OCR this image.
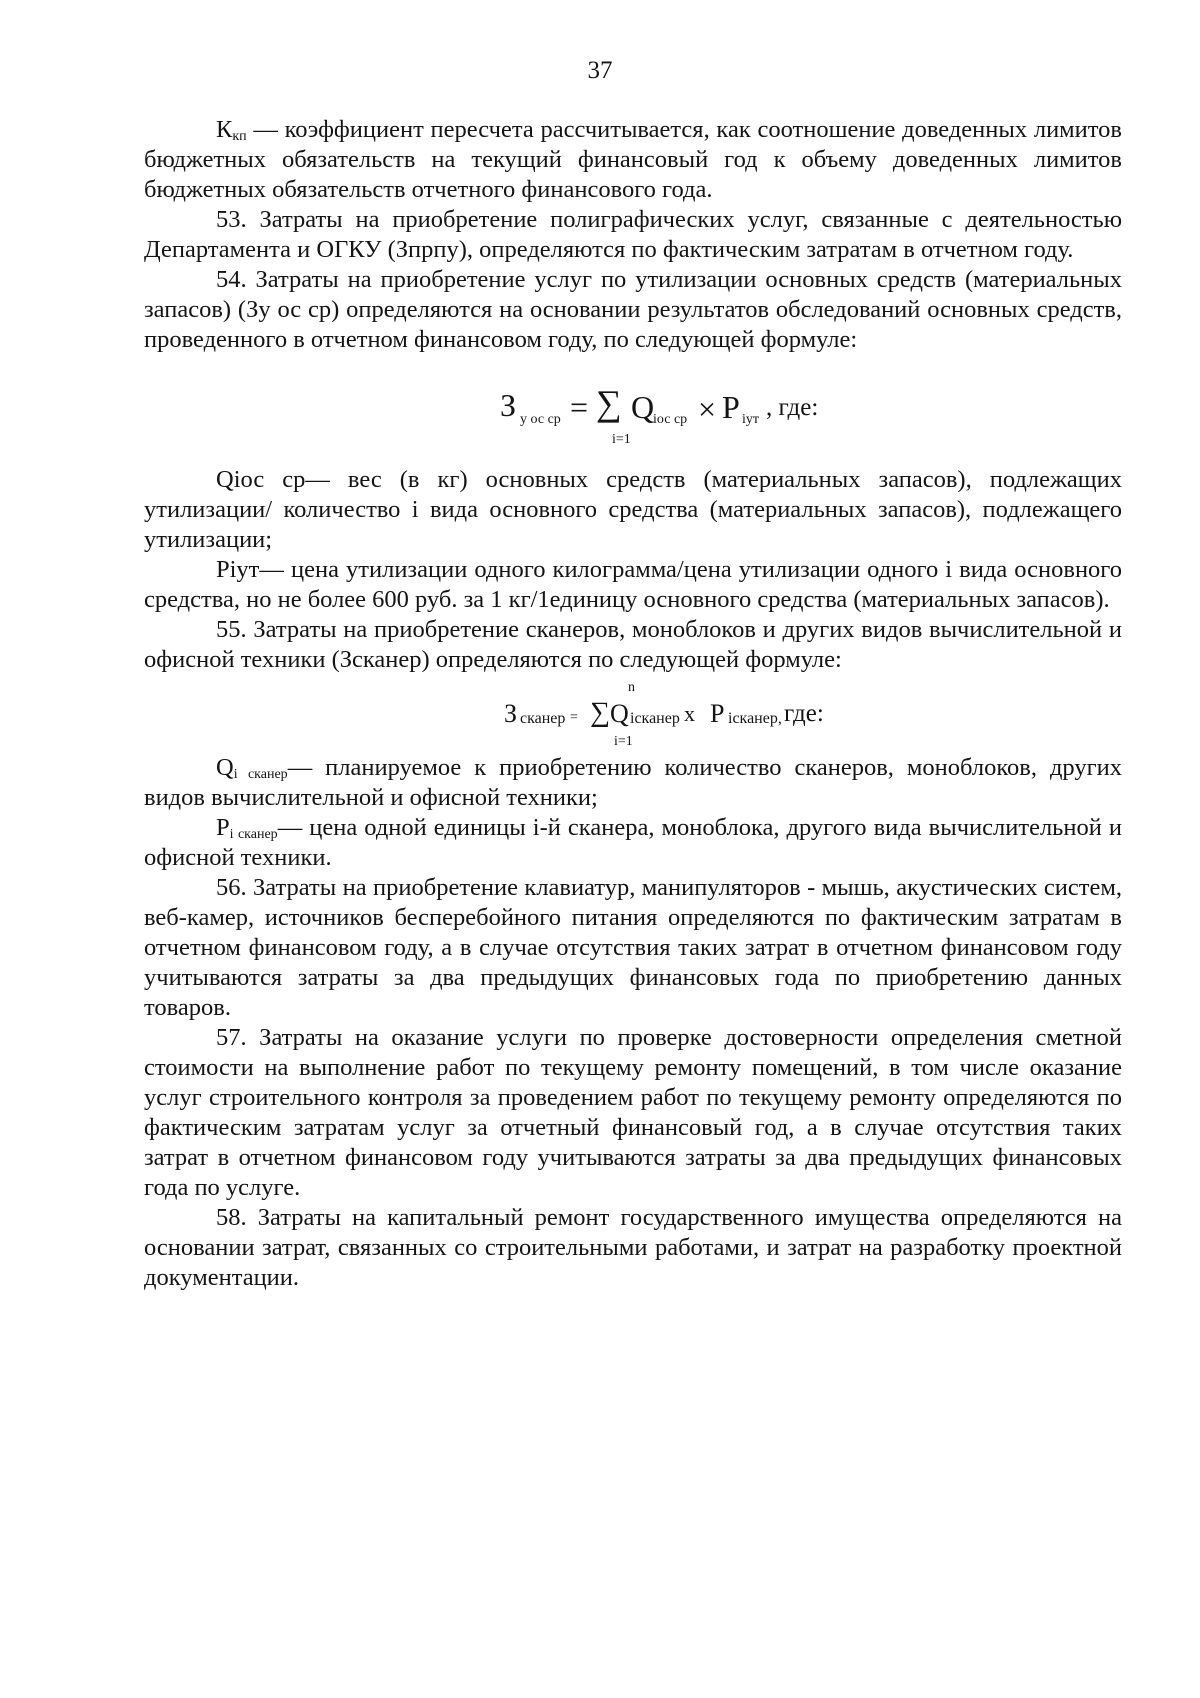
37

$К_{кп}$ — коэффициент пересчета рассчитывается, как соотношение доведенных лимитов бюджетных обязательств на текущий финансовый год к объему доведенных лимитов бюджетных обязательств отчетного финансового года.

53. Затраты на приобретение полиграфических услуг, связанные с деятельностью Департамента и ОГКУ (Зпрпу), определяются по фактическим затратам в отчетном году.

54. Затраты на приобретение услуг по утилизации основных средств (материальных запасов) (Зу ос ср) определяются на основании результатов обследований основных средств, проведенного в отчетном финансовом году, по следующей формуле:

З у ос ср = ∑ Q
iос ср × P iут , где:
i=1

Qiос ср— вес (в кг) основных средств (материальных запасов), подлежащих утилизации/ количество i вида основного средства (материальных запасов), подлежащего утилизации;

Piут— цена утилизации одного килограмма/цена утилизации одного i вида основного средства, но не более 600 руб. за 1 кг/1единицу основного средства (материальных запасов).

55. Затраты на приобретение сканеров, моноблоков и других видов вычислительной и офисной техники (Зсканер) определяются по следующей формуле:

n
З сканер = ∑ Q iсканер x P iсканер, где:
i=1

$Q_{i сканер}—$ планируемое к приобретению количество сканеров, моноблоков, других видов вычислительной и офисной техники;

$P_{i сканер}—$ цена одной единицы i-й сканера, моноблока, другого вида вычислительной и офисной техники.

56. Затраты на приобретение клавиатур, манипуляторов - мышь, акустических систем, веб-камер, источников бесперебойного питания определяются по фактическим затратам в отчетном финансовом году, а в случае отсутствия таких затрат в отчетном финансовом году учитываются затраты за два предыдущих финансовых года по приобретению данных товаров.

57. Затраты на оказание услуги по проверке достоверности определения сметной стоимости на выполнение работ по текущему ремонту помещений, в том числе оказание услуг строительного контроля за проведением работ по текущему ремонту определяются по фактическим затратам услуг за отчетный финансовый год, а в случае отсутствия таких затрат в отчетном финансовом году учитываются затраты за два предыдущих финансовых года по услуге.

58. Затраты на капитальный ремонт государственного имущества определяются на основании затрат, связанных со строительными работами, и затрат на разработку проектной документации.
